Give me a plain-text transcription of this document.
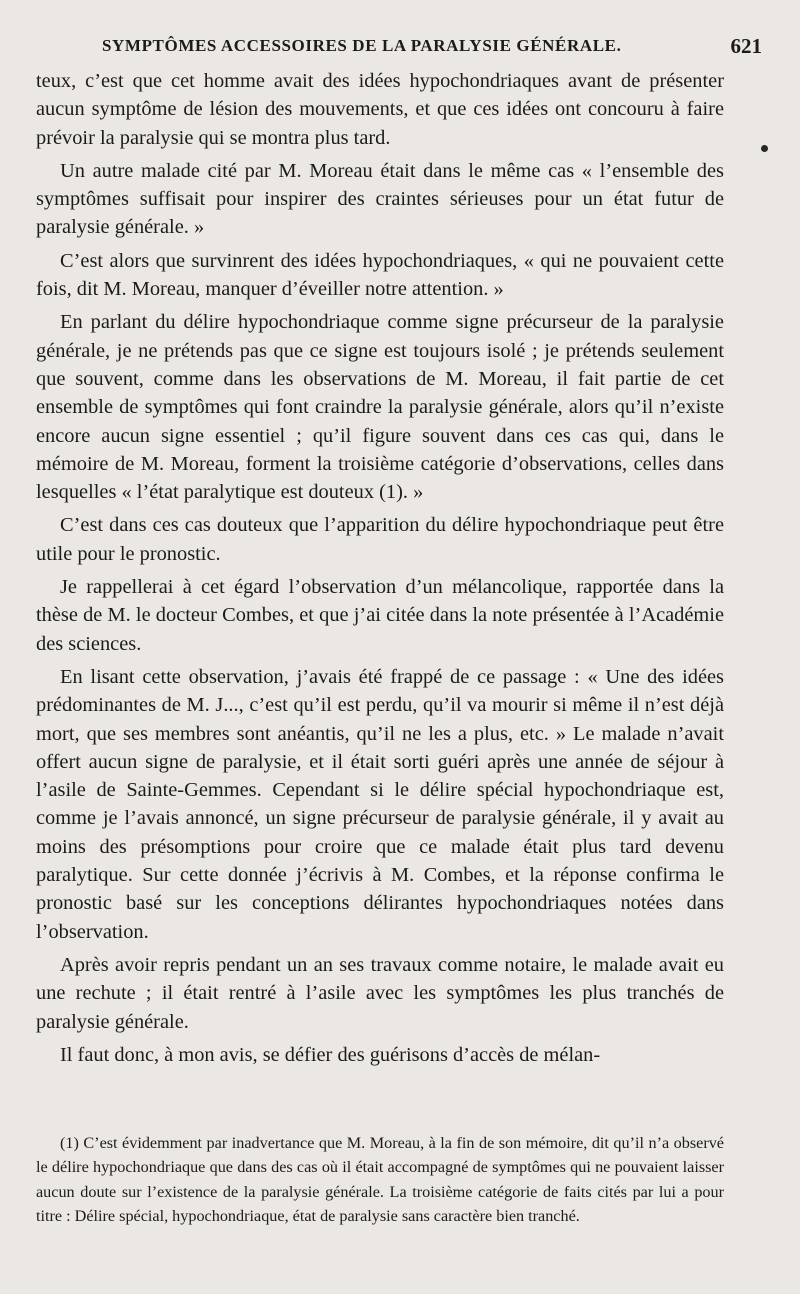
SYMPTÔMES ACCESSOIRES DE LA PARALYSIE GÉNÉRALE.	621

teux, c’est que cet homme avait des idées hypochondriaques avant de présenter aucun symptôme de lésion des mouvements, et que ces idées ont concouru à faire prévoir la paralysie qui se montra plus tard.

Un autre malade cité par M. Moreau était dans le même cas « l’ensemble des symptômes suffisait pour inspirer des craintes sérieuses pour un état futur de paralysie générale. »

C’est alors que survinrent des idées hypochondriaques, « qui ne pouvaient cette fois, dit M. Moreau, manquer d’éveiller notre attention. »

En parlant du délire hypochondriaque comme signe précurseur de la paralysie générale, je ne prétends pas que ce signe est toujours isolé ; je prétends seulement que souvent, comme dans les observations de M. Moreau, il fait partie de cet ensemble de symptômes qui font craindre la paralysie générale, alors qu’il n’existe encore aucun signe essentiel ; qu’il figure souvent dans ces cas qui, dans le mémoire de M. Moreau, forment la troisième catégorie d’observations, celles dans lesquelles « l’état paralytique est douteux (1). »

C’est dans ces cas douteux que l’apparition du délire hypochondriaque peut être utile pour le pronostic.

Je rappellerai à cet égard l’observation d’un mélancolique, rapportée dans la thèse de M. le docteur Combes, et que j’ai citée dans la note présentée à l’Académie des sciences.

En lisant cette observation, j’avais été frappé de ce passage : « Une des idées prédominantes de M. J..., c’est qu’il est perdu, qu’il va mourir si même il n’est déjà mort, que ses membres sont anéantis, qu’il ne les a plus, etc. » Le malade n’avait offert aucun signe de paralysie, et il était sorti guéri après une année de séjour à l’asile de Sainte-Gemmes. Cependant si le délire spécial hypochondriaque est, comme je l’avais annoncé, un signe précurseur de paralysie générale, il y avait au moins des présomptions pour croire que ce malade était plus tard devenu paralytique. Sur cette donnée j’écrivis à M. Combes, et la réponse confirma le pronostic basé sur les conceptions délirantes hypochondriaques notées dans l’observation.

Après avoir repris pendant un an ses travaux comme notaire, le malade avait eu une rechute ; il était rentré à l’asile avec les symptômes les plus tranchés de paralysie générale.

Il faut donc, à mon avis, se défier des guérisons d’accès de mélan-

(1) C’est évidemment par inadvertance que M. Moreau, à la fin de son mémoire, dit qu’il n’a observé le délire hypochondriaque que dans des cas où il était accompagné de symptômes qui ne pouvaient laisser aucun doute sur l’existence de la paralysie générale. La troisième catégorie de faits cités par lui a pour titre : Délire spécial, hypochondriaque, état de paralysie sans caractère bien tranché.
